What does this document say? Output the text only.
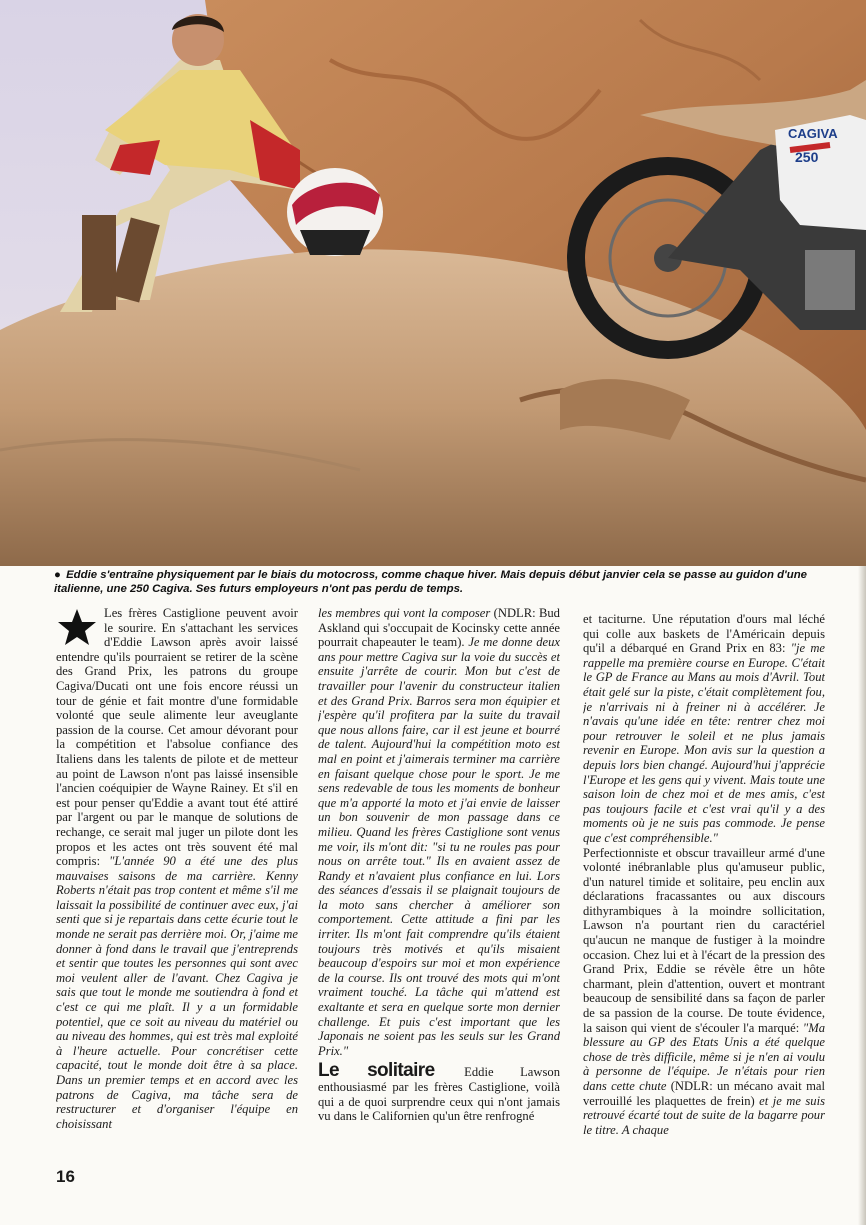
CAGIVA
250
● Eddie s'entraîne physiquement par le biais du motocross, comme chaque hiver. Mais depuis début janvier cela se passe au guidon d'une italienne, une 250 Cagiva. Ses futurs employeurs n'ont pas perdu de temps.

Les frères Castiglione peuvent avoir le sourire. En s'attachant les services d'Eddie Lawson après avoir laissé entendre qu'ils pourraient se retirer de la scène des Grand Prix, les patrons du groupe Cagiva/Ducati ont une fois encore réussi un tour de génie et fait montre d'une formidable volonté que seule alimente leur aveuglante passion de la course. Cet amour dévorant pour la compétition et l'absolue confiance des Italiens dans les talents de pilote et de metteur au point de Lawson n'ont pas laissé insensible l'ancien coéquipier de Wayne Rainey. Et s'il en est pour penser qu'Eddie a avant tout été attiré par l'argent ou par le manque de solutions de rechange, ce serait mal juger un pilote dont les propos et les actes ont très souvent été mal compris: "L'année 90 a été une des plus mauvaises saisons de ma carrière. Kenny Roberts n'était pas trop content et même s'il me laissait la possibilité de continuer avec eux, j'ai senti que si je repartais dans cette écurie tout le monde ne serait pas derrière moi. Or, j'aime me donner à fond dans le travail que j'entreprends et sentir que toutes les personnes qui sont avec moi veulent aller de l'avant. Chez Cagiva je sais que tout le monde me soutiendra à fond et c'est ce qui me plaît. Il y a un formidable potentiel, que ce soit au niveau du matériel ou au niveau des hommes, qui est très mal exploité à l'heure actuelle. Pour concrétiser cette capacité, tout le monde doit être à sa place. Dans un premier temps et en accord avec les patrons de Cagiva, ma tâche sera de restructurer et d'organiser l'équipe en choisissant

les membres qui vont la composer (NDLR: Bud Askland qui s'occupait de Kocinsky cette année pourrait chapeauter le team). Je me donne deux ans pour mettre Cagiva sur la voie du succès et ensuite j'arrête de courir. Mon but c'est de travailler pour l'avenir du constructeur italien et des Grand Prix. Barros sera mon équipier et j'espère qu'il profitera par la suite du travail que nous allons faire, car il est jeune et bourré de talent. Aujourd'hui la compétition moto est mal en point et j'aimerais terminer ma carrière en faisant quelque chose pour le sport. Je me sens redevable de tous les moments de bonheur que m'a apporté la moto et j'ai envie de laisser un bon souvenir de mon passage dans ce milieu. Quand les frères Castiglione sont venus me voir, ils m'ont dit: "si tu ne roules pas pour nous on arrête tout." Ils en avaient assez de Randy et n'avaient plus confiance en lui. Lors des séances d'essais il se plaignait toujours de la moto sans chercher à améliorer son comportement. Cette attitude a fini par les irriter. Ils m'ont fait comprendre qu'ils étaient toujours très motivés et qu'ils misaient beaucoup d'espoirs sur moi et mon expérience de la course. Ils ont trouvé des mots qui m'ont vraiment touché. La tâche qui m'attend est exaltante et sera en quelque sorte mon dernier challenge. Et puis c'est important que les Japonais ne soient pas les seuls sur les Grand Prix."

Le solitaire Eddie Lawson enthousiasmé par les frères Castiglione, voilà qui a de quoi surprendre ceux qui n'ont jamais vu dans le Californien qu'un être renfrogné

et taciturne. Une réputation d'ours mal léché qui colle aux baskets de l'Américain depuis qu'il a débarqué en Grand Prix en 83: "je me rappelle ma première course en Europe. C'était le GP de France au Mans au mois d'Avril. Tout était gelé sur la piste, c'était complètement fou, je n'arrivais ni à freiner ni à accélérer. Je n'avais qu'une idée en tête: rentrer chez moi pour retrouver le soleil et ne plus jamais revenir en Europe. Mon avis sur la question a depuis lors bien changé. Aujourd'hui j'apprécie l'Europe et les gens qui y vivent. Mais toute une saison loin de chez moi et de mes amis, c'est pas toujours facile et c'est vrai qu'il y a des moments où je ne suis pas commode. Je pense que c'est compréhensible."

Perfectionniste et obscur travailleur armé d'une volonté inébranlable plus qu'amuseur public, d'un naturel timide et solitaire, peu enclin aux déclarations fracassantes ou aux discours dithyrambiques à la moindre sollicitation, Lawson n'a pourtant rien du caractériel qu'aucun ne manque de fustiger à la moindre occasion. Chez lui et à l'écart de la pression des Grand Prix, Eddie se révèle être un hôte charmant, plein d'attention, ouvert et montrant beaucoup de sensibilité dans sa façon de parler de sa passion de la course. De toute évidence, la saison qui vient de s'écouler l'a marqué: "Ma blessure au GP des Etats Unis a été quelque chose de très difficile, même si je n'en ai voulu à personne de l'équipe. Je n'étais pour rien dans cette chute (NDLR: un mécano avait mal verrouillé les plaquettes de frein) et je me suis retrouvé écarté tout de suite de la bagarre pour le titre. A chaque

16
